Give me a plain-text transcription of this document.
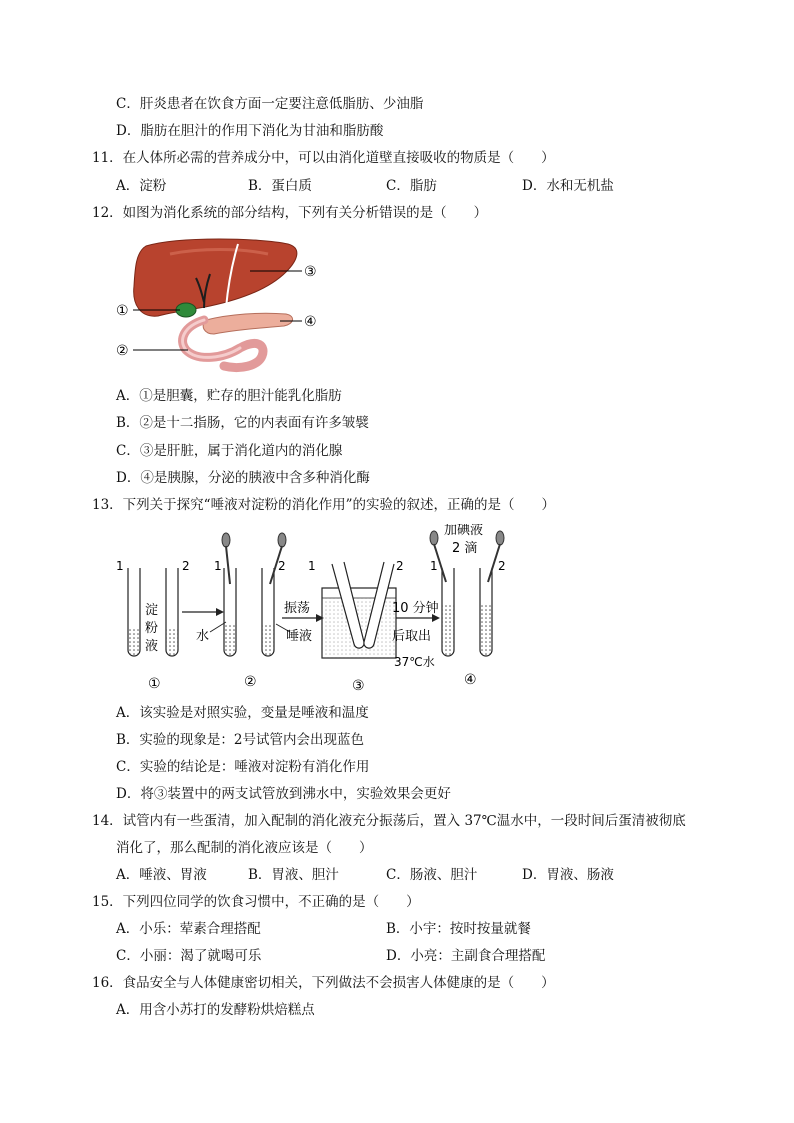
C．肝炎患者在饮食方面一定要注意低脂肪、少油脂
D．脂肪在胆汁的作用下消化为甘油和脂肪酸
11．在人体所必需的营养成分中，可以由消化道壁直接吸收的物质是（　　）
A．淀粉	B．蛋白质	C．脂肪	D．水和无机盐
12．如图为消化系统的部分结构，下列有关分析错误的是（　　）
①
②
③
④
A．①是胆囊，贮存的胆汁能乳化脂肪
B．②是十二指肠，它的内表面有许多皱襞
C．③是肝脏，属于消化道内的消化腺
D．④是胰腺，分泌的胰液中含多种消化酶
13．下列关于探究“唾液对淀粉的消化作用”的实验的叙述，正确的是（　　）
1	2
淀
粉
液
1	2
水
振荡
唾液
1	2
37℃水
10 分钟
后取出
1	2
加碘液
2 滴
①	②	③	④
A．该实验是对照实验，变量是唾液和温度
B．实验的现象是：2号试管内会出现蓝色
C．实验的结论是：唾液对淀粉有消化作用
D．将③装置中的两支试管放到沸水中，实验效果会更好
14．试管内有一些蛋清，加入配制的消化液充分振荡后，置入 37℃温水中，一段时间后蛋清被彻底
消化了，那么配制的消化液应该是（　　）
A．唾液、胃液	B．胃液、胆汁	C．肠液、胆汁	D．胃液、肠液
15．下列四位同学的饮食习惯中，不正确的是（　　）
A．小乐：荤素合理搭配	B．小宇：按时按量就餐
C．小丽：渴了就喝可乐	D．小亮：主副食合理搭配
16．食品安全与人体健康密切相关，下列做法不会损害人体健康的是（　　）
A．用含小苏打的发酵粉烘焙糕点
